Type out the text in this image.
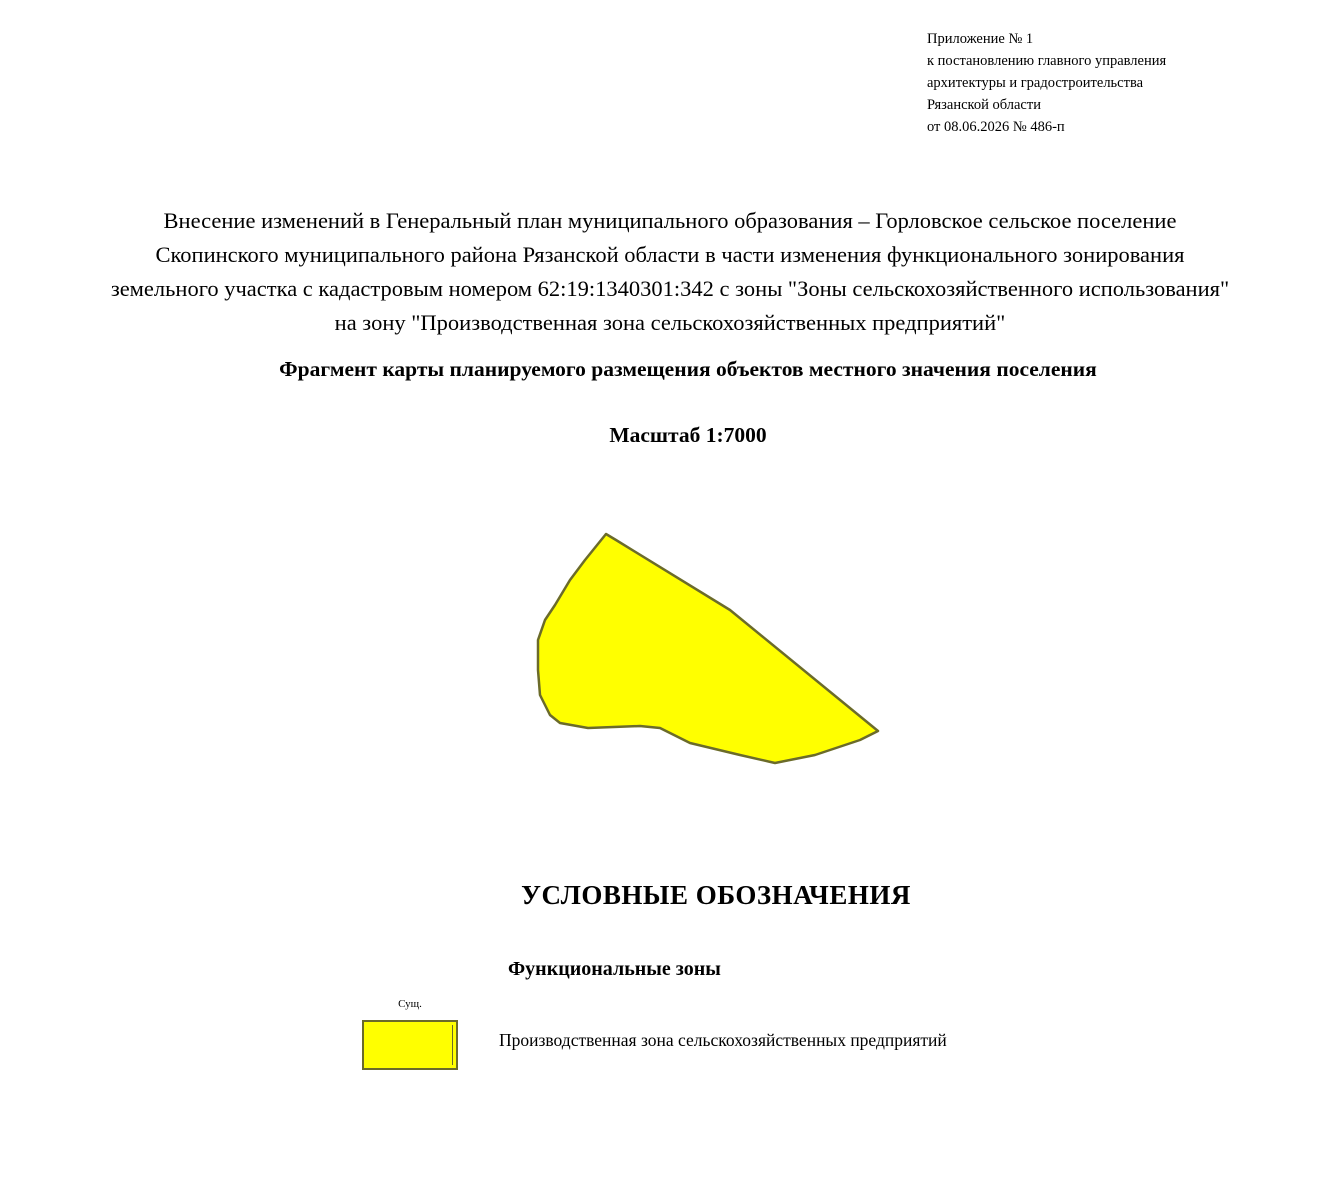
Приложение № 1
к постановлению главного управления
архитектуры и градостроительства
Рязанской области
от 08.06.2026 № 486-п
Внесение изменений в Генеральный план муниципального образования – Горловское сельское поселение
Скопинского муниципального района Рязанской области в части изменения функционального зонирования
земельного участка с кадастровым номером 62:19:1340301:342 с зоны "Зоны сельскохозяйственного использования"
на зону "Производственная зона сельскохозяйственных предприятий"
Фрагмент карты планируемого размещения объектов местного значения поселения
Масштаб 1:7000
УСЛОВНЫЕ ОБОЗНАЧЕНИЯ
Функциональные зоны
Сущ.
Производственная зона сельскохозяйственных предприятий
